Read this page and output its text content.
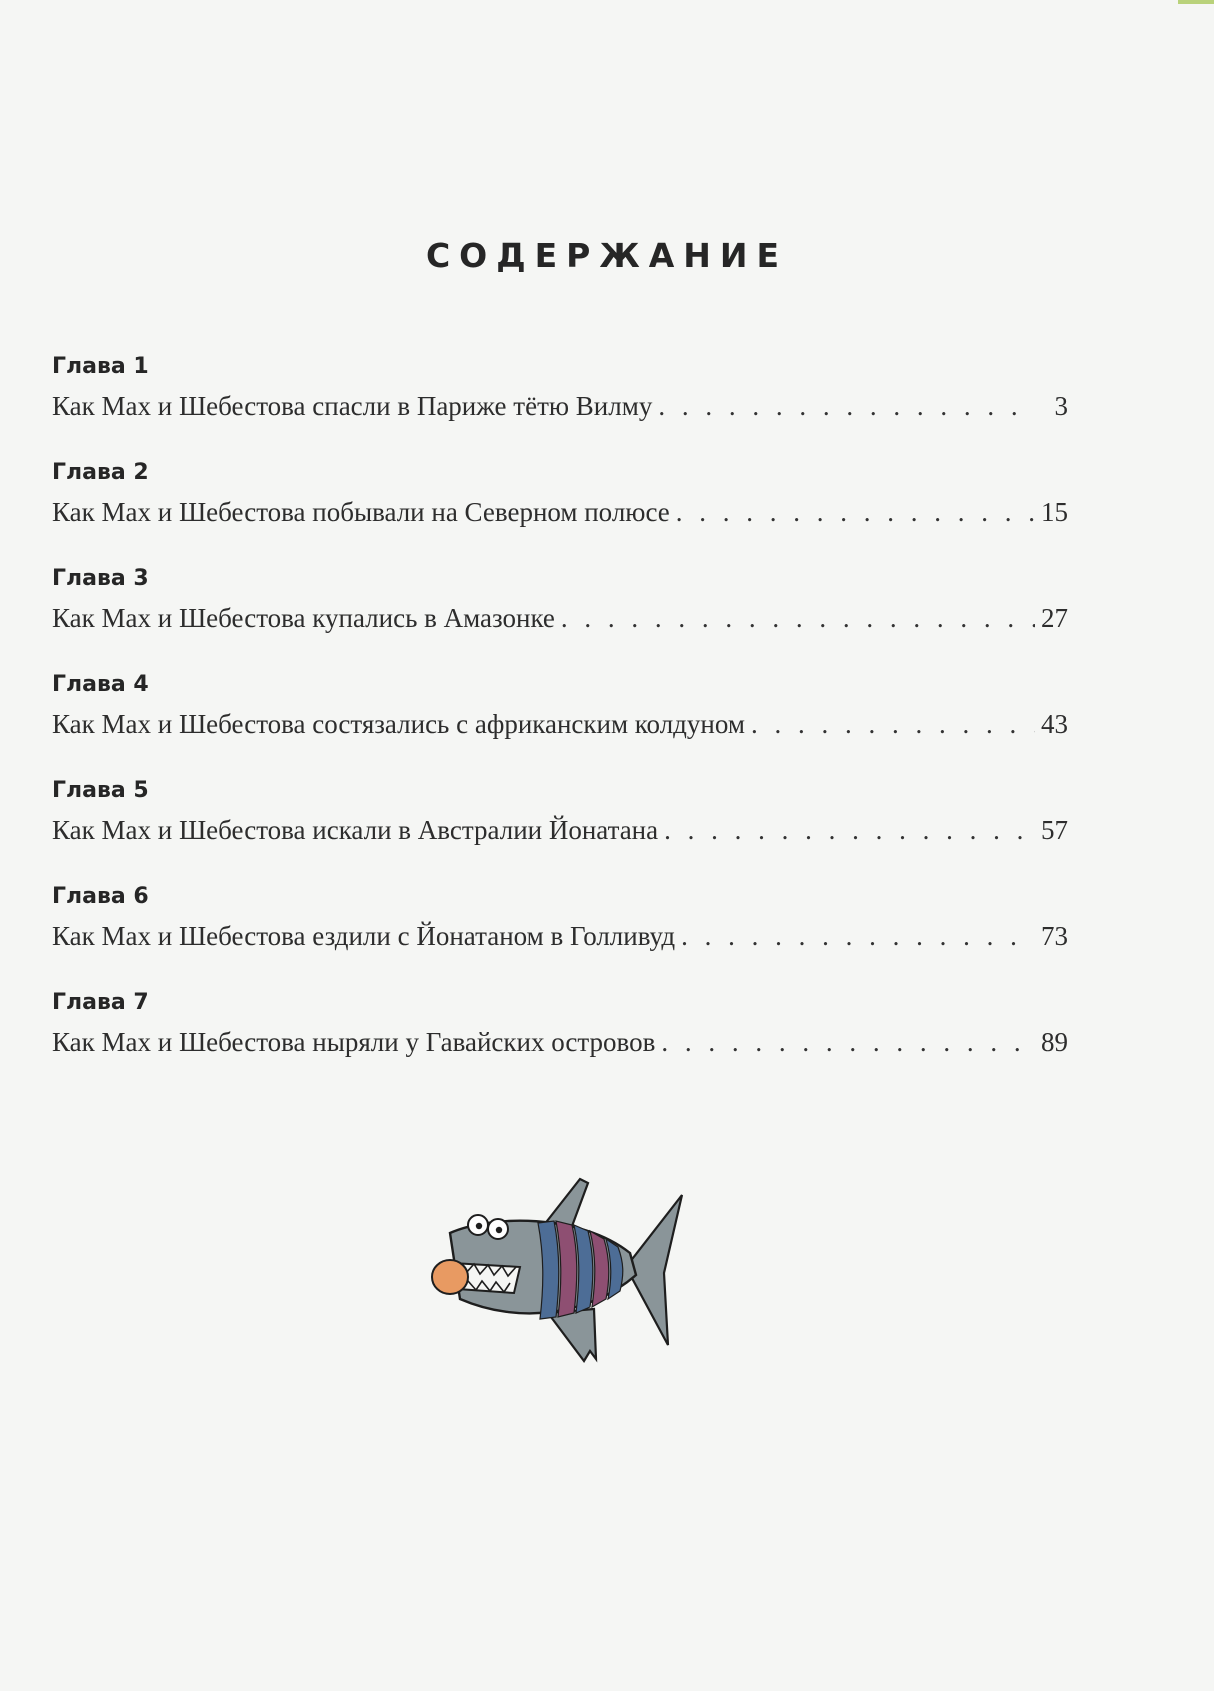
СОДЕРЖАНИЕ
Глава 1
Как Мах и Шебестова спасли в Париже тётю Вилму . . .	3
Глава 2
Как Мах и Шебестова побывали на Северном полюсе . . .	15
Глава 3
Как Мах и Шебестова купались в Амазонке . . .	27
Глава 4
Как Мах и Шебестова состязались с африканским колдуном . . .	43
Глава 5
Как Мах и Шебестова искали в Австралии Йонатана . . .	57
Глава 6
Как Мах и Шебестова ездили с Йонатаном в Голливуд . . .	73
Глава 7
Как Мах и Шебестова ныряли у Гавайских островов . . .	89
